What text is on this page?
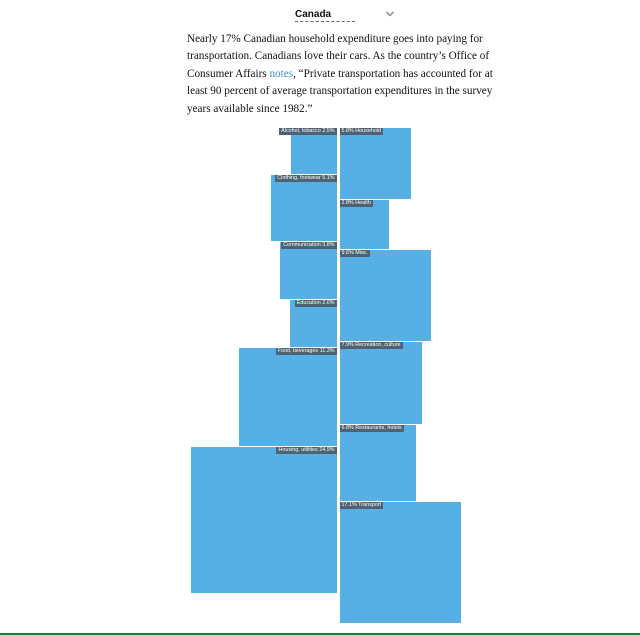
Canada

Nearly 17% Canadian household expenditure goes into paying for transportation. Canadians love their cars. As the country’s Office of Consumer Affairs notes, “Private transportation has accounted for at least 90 percent of average transportation expenditures in the survey years available since 1982.”

Alcohol, tobacco 2.5%
Clothing, footwear 5.1%
Communication 3.8%
Education 2.6%
Food, beverages 11.3%
Housing, utilities 24.9%
5.8% Household
2.8% Health
9.6% Misc.
7.9% Recreation, culture
6.8% Restaurants, hotels
17.1% Transport
